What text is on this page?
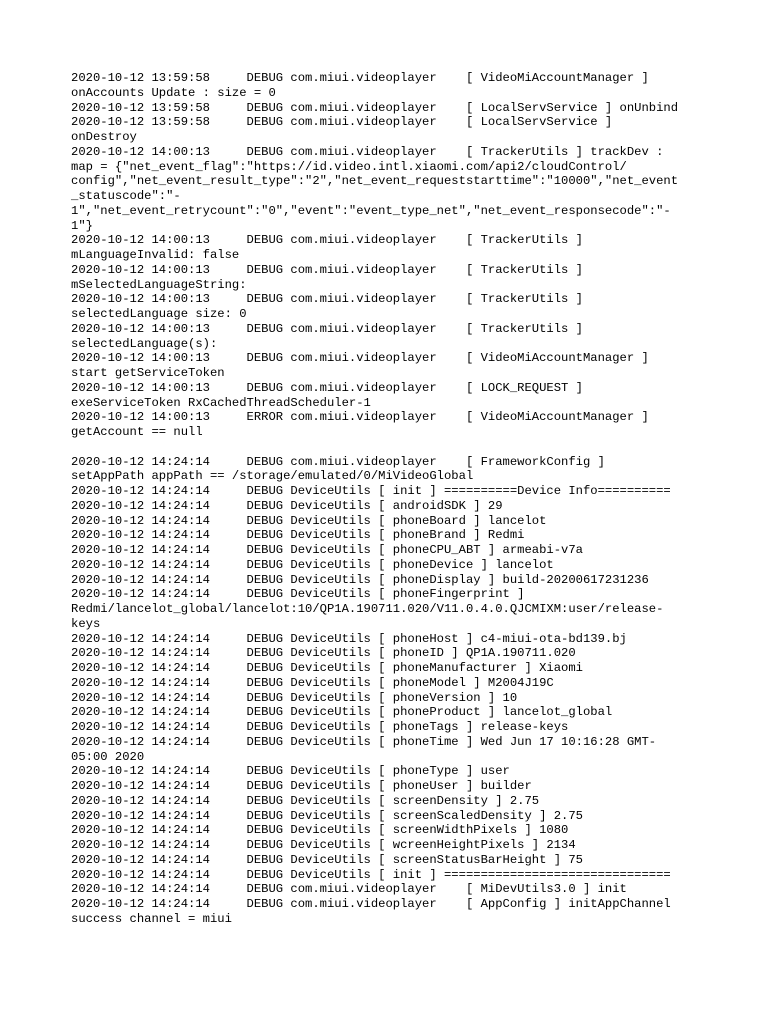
2020-10-12 13:59:58     DEBUG com.miui.videoplayer    [ VideoMiAccountManager ]
onAccounts Update : size = 0
2020-10-12 13:59:58     DEBUG com.miui.videoplayer    [ LocalServService ] onUnbind
2020-10-12 13:59:58     DEBUG com.miui.videoplayer    [ LocalServService ]
onDestroy
2020-10-12 14:00:13     DEBUG com.miui.videoplayer    [ TrackerUtils ] trackDev :
map = {"net_event_flag":"https://id.video.intl.xiaomi.com/api2/cloudControl/
config","net_event_result_type":"2","net_event_requeststarttime":"10000","net_event
_statuscode":"-
1","net_event_retrycount":"0","event":"event_type_net","net_event_responsecode":"-
1"}
2020-10-12 14:00:13     DEBUG com.miui.videoplayer    [ TrackerUtils ]
mLanguageInvalid: false
2020-10-12 14:00:13     DEBUG com.miui.videoplayer    [ TrackerUtils ]
mSelectedLanguageString:
2020-10-12 14:00:13     DEBUG com.miui.videoplayer    [ TrackerUtils ]
selectedLanguage size: 0
2020-10-12 14:00:13     DEBUG com.miui.videoplayer    [ TrackerUtils ]
selectedLanguage(s):
2020-10-12 14:00:13     DEBUG com.miui.videoplayer    [ VideoMiAccountManager ]
start getServiceToken
2020-10-12 14:00:13     DEBUG com.miui.videoplayer    [ LOCK_REQUEST ]
exeServiceToken RxCachedThreadScheduler-1
2020-10-12 14:00:13     ERROR com.miui.videoplayer    [ VideoMiAccountManager ]
getAccount == null
2020-10-12 14:24:14     DEBUG com.miui.videoplayer    [ FrameworkConfig ]
setAppPath appPath == /storage/emulated/0/MiVideoGlobal
2020-10-12 14:24:14     DEBUG DeviceUtils [ init ] ==========Device Info==========
2020-10-12 14:24:14     DEBUG DeviceUtils [ androidSDK ] 29
2020-10-12 14:24:14     DEBUG DeviceUtils [ phoneBoard ] lancelot
2020-10-12 14:24:14     DEBUG DeviceUtils [ phoneBrand ] Redmi
2020-10-12 14:24:14     DEBUG DeviceUtils [ phoneCPU_ABT ] armeabi-v7a
2020-10-12 14:24:14     DEBUG DeviceUtils [ phoneDevice ] lancelot
2020-10-12 14:24:14     DEBUG DeviceUtils [ phoneDisplay ] build-20200617231236
2020-10-12 14:24:14     DEBUG DeviceUtils [ phoneFingerprint ]
Redmi/lancelot_global/lancelot:10/QP1A.190711.020/V11.0.4.0.QJCMIXM:user/release-
keys
2020-10-12 14:24:14     DEBUG DeviceUtils [ phoneHost ] c4-miui-ota-bd139.bj
2020-10-12 14:24:14     DEBUG DeviceUtils [ phoneID ] QP1A.190711.020
2020-10-12 14:24:14     DEBUG DeviceUtils [ phoneManufacturer ] Xiaomi
2020-10-12 14:24:14     DEBUG DeviceUtils [ phoneModel ] M2004J19C
2020-10-12 14:24:14     DEBUG DeviceUtils [ phoneVersion ] 10
2020-10-12 14:24:14     DEBUG DeviceUtils [ phoneProduct ] lancelot_global
2020-10-12 14:24:14     DEBUG DeviceUtils [ phoneTags ] release-keys
2020-10-12 14:24:14     DEBUG DeviceUtils [ phoneTime ] Wed Jun 17 10:16:28 GMT-
05:00 2020
2020-10-12 14:24:14     DEBUG DeviceUtils [ phoneType ] user
2020-10-12 14:24:14     DEBUG DeviceUtils [ phoneUser ] builder
2020-10-12 14:24:14     DEBUG DeviceUtils [ screenDensity ] 2.75
2020-10-12 14:24:14     DEBUG DeviceUtils [ screenScaledDensity ] 2.75
2020-10-12 14:24:14     DEBUG DeviceUtils [ screenWidthPixels ] 1080
2020-10-12 14:24:14     DEBUG DeviceUtils [ wcreenHeightPixels ] 2134
2020-10-12 14:24:14     DEBUG DeviceUtils [ screenStatusBarHeight ] 75
2020-10-12 14:24:14     DEBUG DeviceUtils [ init ] ===============================
2020-10-12 14:24:14     DEBUG com.miui.videoplayer    [ MiDevUtils3.0 ] init
2020-10-12 14:24:14     DEBUG com.miui.videoplayer    [ AppConfig ] initAppChannel
success channel = miui
